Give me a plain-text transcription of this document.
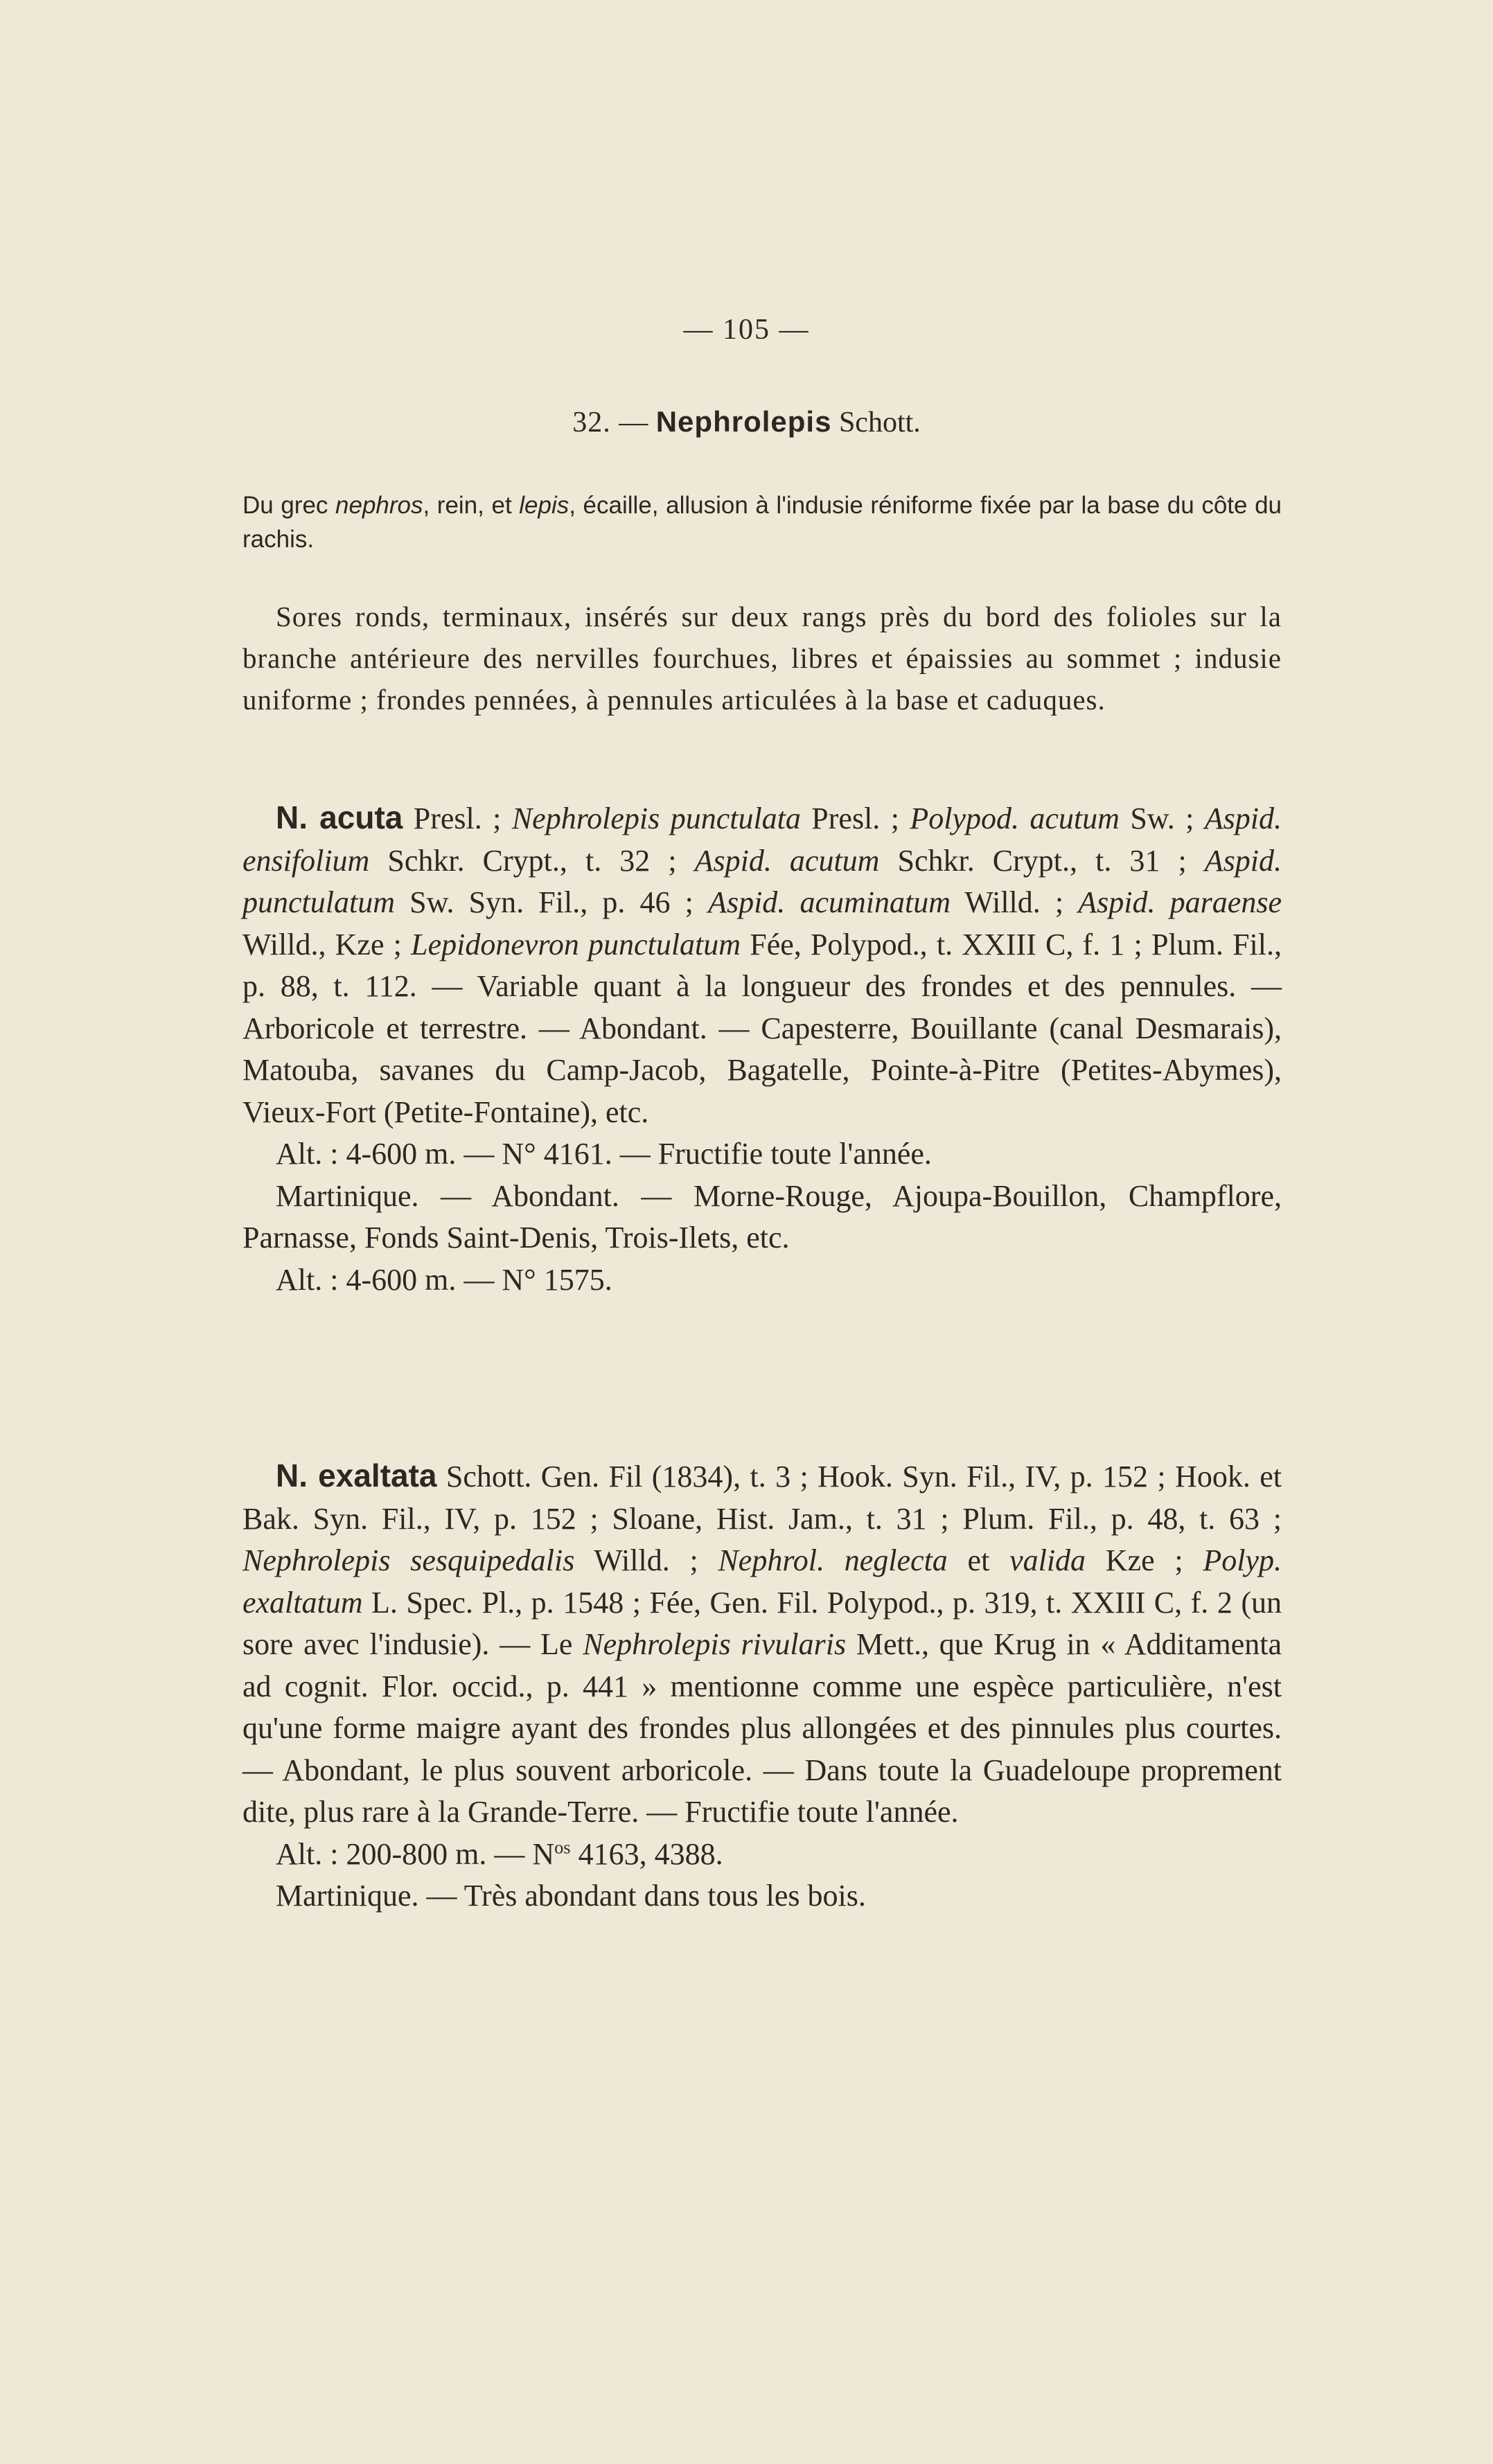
— 105 —
32. — Nephrolepis Schott.

Du grec nephros, rein, et lepis, écaille, allusion à l'indusie réniforme fixée par la base du côte du rachis.

Sores ronds, terminaux, insérés sur deux rangs près du bord des folioles sur la branche antérieure des nervilles fourchues, libres et épaissies au sommet ; indusie uniforme ; frondes pennées, à pennules articulées à la base et caduques.

N. acuta Presl. ; Nephrolepis punctulata Presl. ; Polypod. acutum Sw. ; Aspid. ensifolium Schkr. Crypt., t. 32 ; Aspid. acutum Schkr. Crypt., t. 31 ; Aspid. punctulatum Sw. Syn. Fil., p. 46 ; Aspid. acuminatum Willd. ; Aspid. paraense Willd., Kze ; Lepidonevron punctulatum Fée, Polypod., t. XXIII C, f. 1 ; Plum. Fil., p. 88, t. 112. — Variable quant à la longueur des frondes et des pennules. — Arboricole et terrestre. — Abondant. — Capesterre, Bouillante (canal Desmarais), Matouba, savanes du Camp-Jacob, Bagatelle, Pointe-à-Pitre (Petites-Abymes), Vieux-Fort (Petite-Fontaine), etc.

Alt. : 4-600 m. — N° 4161. — Fructifie toute l'année.

Martinique. — Abondant. — Morne-Rouge, Ajoupa-Bouillon, Champflore, Parnasse, Fonds Saint-Denis, Trois-Ilets, etc.

Alt. : 4-600 m. — N° 1575.

N. exaltata Schott. Gen. Fil (1834), t. 3 ; Hook. Syn. Fil., IV, p. 152 ; Hook. et Bak. Syn. Fil., IV, p. 152 ; Sloane, Hist. Jam., t. 31 ; Plum. Fil., p. 48, t. 63 ; Nephrolepis sesquipedalis Willd. ; Nephrol. neglecta et valida Kze ; Polyp. exaltatum L. Spec. Pl., p. 1548 ; Fée, Gen. Fil. Polypod., p. 319, t. XXIII C, f. 2 (un sore avec l'indusie). — Le Nephrolepis rivularis Mett., que Krug in « Additamenta ad cognit. Flor. occid., p. 441 » mentionne comme une espèce particulière, n'est qu'une forme maigre ayant des frondes plus allongées et des pinnules plus courtes. — Abondant, le plus souvent arboricole. — Dans toute la Guadeloupe proprement dite, plus rare à la Grande-Terre. — Fructifie toute l'année.

Alt. : 200-800 m. — $N^{os}$ 4163, 4388.

Martinique. — Très abondant dans tous les bois.
